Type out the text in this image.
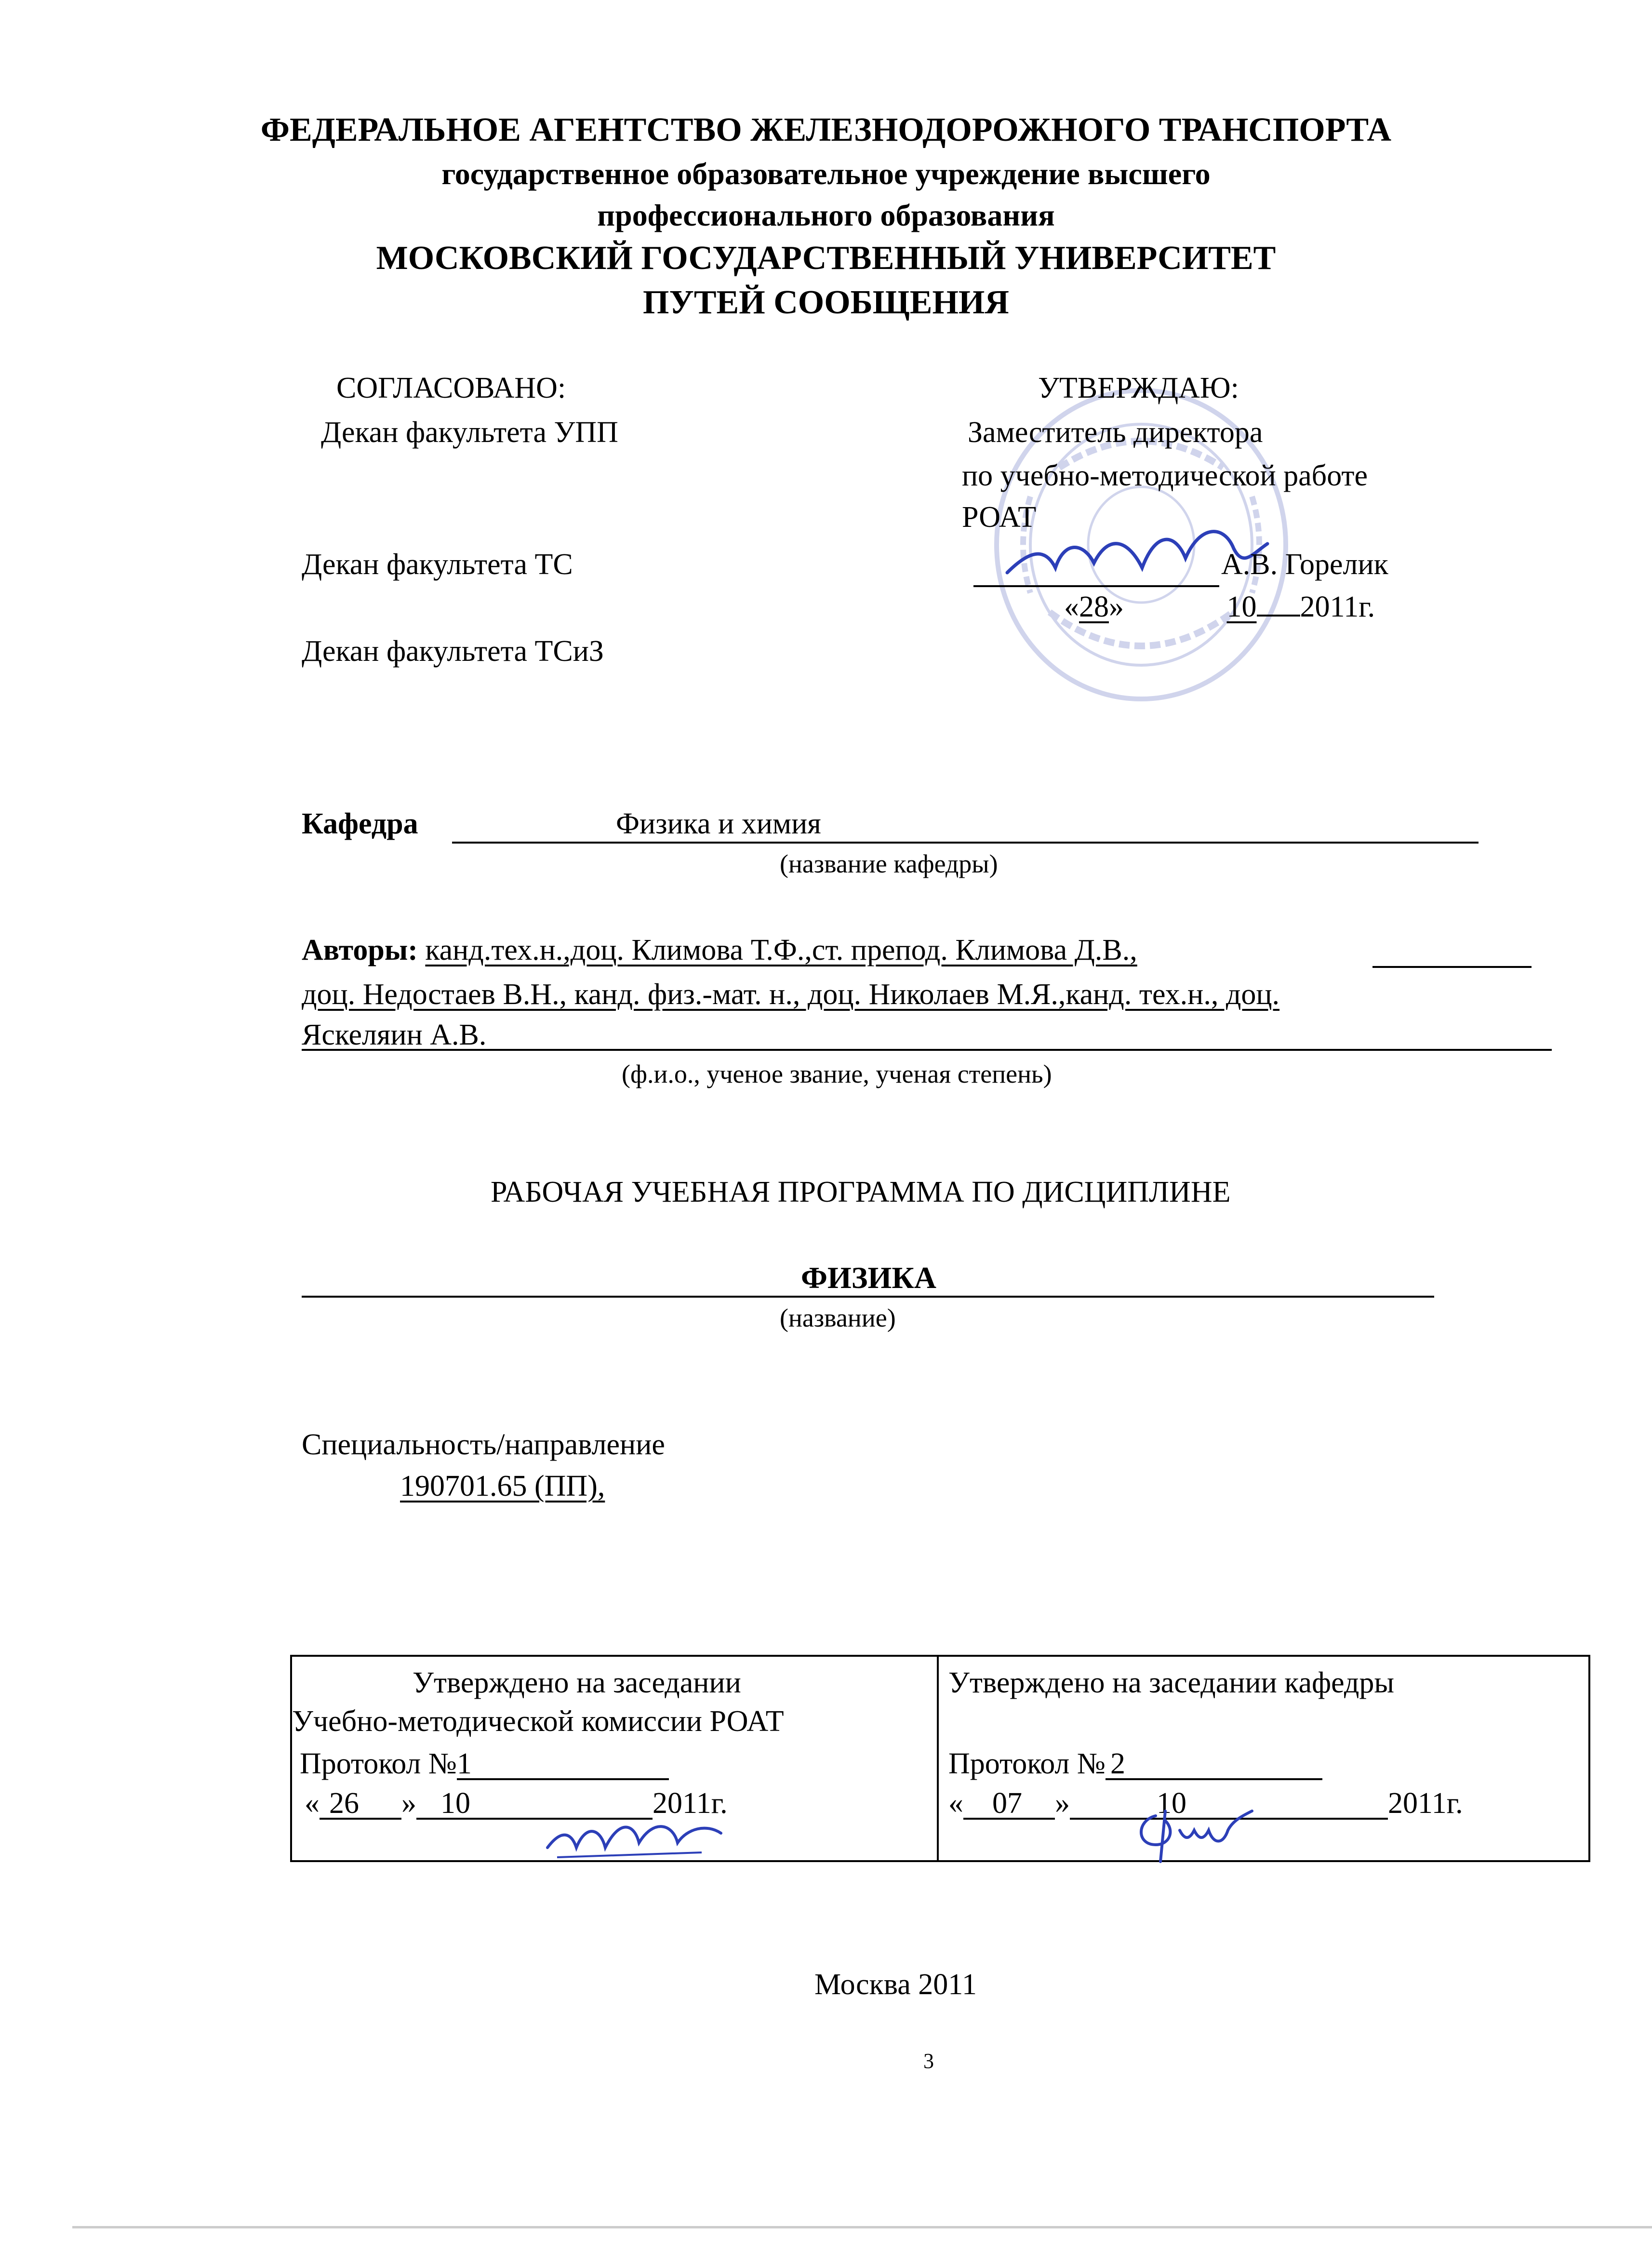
ФЕДЕРАЛЬНОЕ АГЕНТСТВО ЖЕЛЕЗНОДОРОЖНОГО ТРАНСПОРТА
государственное образовательное учреждение высшего
профессионального образования
МОСКОВСКИЙ ГОСУДАРСТВЕННЫЙ УНИВЕРСИТЕТ
ПУТЕЙ СООБЩЕНИЯ
СОГЛАСОВАНО:
Декан факультета УПП
Декан факультета ТС
Декан факультета ТСиЗ
УТВЕРЖДАЮ:
Заместитель директора
по учебно-методической работе
РОАТ
А.В. Горелик
«28»	10 2011г.
Кафедра	Физика и химия
(название кафедры)
Авторы: канд.тех.н.,доц. Климова Т.Ф.,ст. препод. Климова Д.В.,
доц. Недостаев В.Н., канд. физ.-мат. н., доц. Николаев М.Я.,канд. тех.н., доц.
Яскеляин А.В.
(ф.и.о., ученое звание, ученая степень)
РАБОЧАЯ УЧЕБНАЯ ПРОГРАММА ПО ДИСЦИПЛИНЕ
ФИЗИКА
(название)
Специальность/направление
190701.65 (ПП),
Утверждено на заседании
Учебно-методической комиссии РОАТ
Протокол №1
« 26 » 10	2011г.
Утверждено на заседании кафедры
Протокол № 2
« 07 »	10	2011г.
Москва 2011
3
